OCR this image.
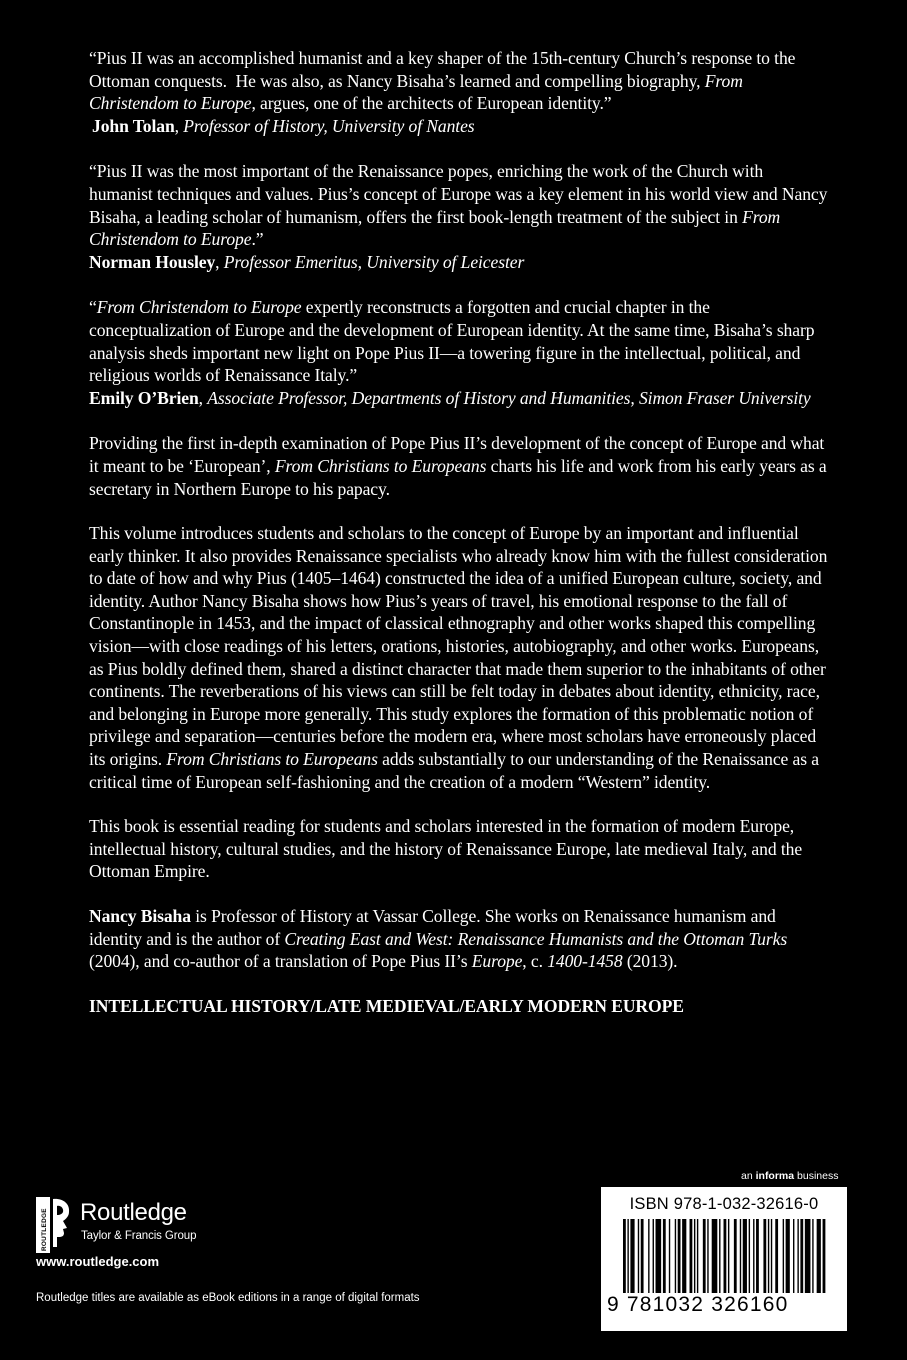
“Pius II was an accomplished humanist and a key shaper of the 15th-century Church’s response to the Ottoman conquests.  He was also, as Nancy Bisaha’s learned and compelling biography, From Christendom to Europe, argues, one of the architects of European identity.”
John Tolan, Professor of History, University of Nantes

“Pius II was the most important of the Renaissance popes, enriching the work of the Church with humanist techniques and values. Pius’s concept of Europe was a key element in his world view and Nancy Bisaha, a leading scholar of humanism, offers the first book-length treatment of the subject in From Christendom to Europe.”
Norman Housley, Professor Emeritus, University of Leicester

“From Christendom to Europe expertly reconstructs a forgotten and crucial chapter in the conceptualization of Europe and the development of European identity. At the same time, Bisaha’s sharp analysis sheds important new light on Pope Pius II—a towering figure in the intellectual, political, and religious worlds of Renaissance Italy.”
Emily O’Brien, Associate Professor, Departments of History and Humanities, Simon Fraser University

Providing the first in-depth examination of Pope Pius II’s development of the concept of Europe and what it meant to be ‘European’, From Christians to Europeans charts his life and work from his early years as a secretary in Northern Europe to his papacy.

This volume introduces students and scholars to the concept of Europe by an important and influential early thinker. It also provides Renaissance specialists who already know him with the fullest consideration to date of how and why Pius (1405–1464) constructed the idea of a unified European culture, society, and identity. Author Nancy Bisaha shows how Pius’s years of travel, his emotional response to the fall of Constantinople in 1453, and the impact of classical ethnography and other works shaped this compelling vision—with close readings of his letters, orations, histories, autobiography, and other works. Europeans, as Pius boldly defined them, shared a distinct character that made them superior to the inhabitants of other continents. The reverberations of his views can still be felt today in debates about identity, ethnicity, race, and belonging in Europe more generally. This study explores the formation of this problematic notion of privilege and separation—centuries before the modern era, where most scholars have erroneously placed its origins. From Christians to Europeans adds substantially to our understanding of the Renaissance as a critical time of European self-fashioning and the creation of a modern “Western” identity.

This book is essential reading for students and scholars interested in the formation of modern Europe, intellectual history, cultural studies, and the history of Renaissance Europe, late medieval Italy, and the Ottoman Empire.

Nancy Bisaha is Professor of History at Vassar College. She works on Renaissance humanism and identity and is the author of Creating East and West: Renaissance Humanists and the Ottoman Turks (2004), and co-author of a translation of Pope Pius II’s Europe, c. 1400-1458 (2013).

INTELLECTUAL HISTORY/LATE MEDIEVAL/EARLY MODERN EUROPE

an informa business
ISBN 978-1-032-32616-0
9 781032 326160
ROUTLEDGE Routledge
Taylor & Francis Group
www.routledge.com
Routledge titles are available as eBook editions in a range of digital formats
